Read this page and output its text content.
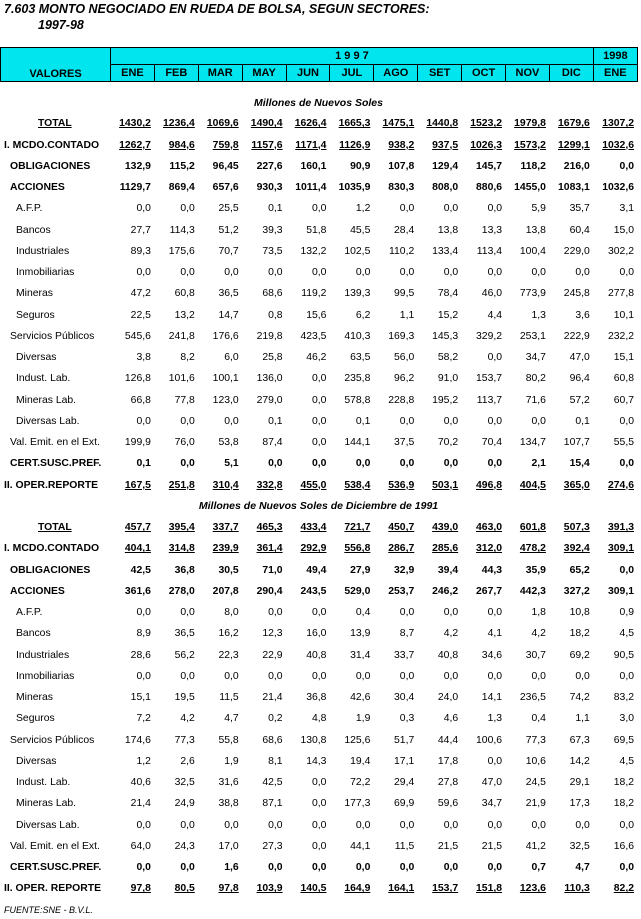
7.603 MONTO NEGOCIADO EN RUEDA DE BOLSA, SEGUN SECTORES:
1997-98
VALORES	1 9 9 7											1998
	ENE	FEB	MAR	MAY	JUN	JUL	AGO	SET	OCT	NOV	DIC	ENE
Millones de Nuevos Soles												
TOTAL	1430,2	1236,4	1069,6	1490,4	1626,4	1665,3	1475,1	1440,8	1523,2	1979,8	1679,6	1307,2
I. MCDO.CONTADO	1262,7	984,6	759,8	1157,6	1171,4	1126,9	938,2	937,5	1026,3	1573,2	1299,1	1032,6
OBLIGACIONES	132,9	115,2	96,45	227,6	160,1	90,9	107,8	129,4	145,7	118,2	216,0	0,0
ACCIONES	1129,7	869,4	657,6	930,3	1011,4	1035,9	830,3	808,0	880,6	1455,0	1083,1	1032,6
A.F.P.	0,0	0,0	25,5	0,1	0,0	1,2	0,0	0,0	0,0	5,9	35,7	3,1
Bancos	27,7	114,3	51,2	39,3	51,8	45,5	28,4	13,8	13,3	13,8	60,4	15,0
Industriales	89,3	175,6	70,7	73,5	132,2	102,5	110,2	133,4	113,4	100,4	229,0	302,2
Inmobiliarias	0,0	0,0	0,0	0,0	0,0	0,0	0,0	0,0	0,0	0,0	0,0	0,0
Mineras	47,2	60,8	36,5	68,6	119,2	139,3	99,5	78,4	46,0	773,9	245,8	277,8
Seguros	22,5	13,2	14,7	0,8	15,6	6,2	1,1	15,2	4,4	1,3	3,6	10,1
Servicios Públicos	545,6	241,8	176,6	219,8	423,5	410,3	169,3	145,3	329,2	253,1	222,9	232,2
Diversas	3,8	8,2	6,0	25,8	46,2	63,5	56,0	58,2	0,0	34,7	47,0	15,1
Indust. Lab.	126,8	101,6	100,1	136,0	0,0	235,8	96,2	91,0	153,7	80,2	96,4	60,8
Mineras Lab.	66,8	77,8	123,0	279,0	0,0	578,8	228,8	195,2	113,7	71,6	57,2	60,7
Diversas Lab.	0,0	0,0	0,0	0,1	0,0	0,1	0,0	0,0	0,0	0,0	0,1	0,0
Val. Emit. en el Ext.	199,9	76,0	53,8	87,4	0,0	144,1	37,5	70,2	70,4	134,7	107,7	55,5
CERT.SUSC.PREF.	0,1	0,0	5,1	0,0	0,0	0,0	0,0	0,0	0,0	2,1	15,4	0,0
II. OPER.REPORTE	167,5	251,8	310,4	332,8	455,0	538,4	536,9	503,1	496,8	404,5	365,0	274,6
Millones de Nuevos Soles de Diciembre de 1991												
TOTAL	457,7	395,4	337,7	465,3	433,4	721,7	450,7	439,0	463,0	601,8	507,3	391,3
I. MCDO.CONTADO	404,1	314,8	239,9	361,4	292,9	556,8	286,7	285,6	312,0	478,2	392,4	309,1
OBLIGACIONES	42,5	36,8	30,5	71,0	49,4	27,9	32,9	39,4	44,3	35,9	65,2	0,0
ACCIONES	361,6	278,0	207,8	290,4	243,5	529,0	253,7	246,2	267,7	442,3	327,2	309,1
A.F.P.	0,0	0,0	8,0	0,0	0,0	0,4	0,0	0,0	0,0	1,8	10,8	0,9
Bancos	8,9	36,5	16,2	12,3	16,0	13,9	8,7	4,2	4,1	4,2	18,2	4,5
Industriales	28,6	56,2	22,3	22,9	40,8	31,4	33,7	40,8	34,6	30,7	69,2	90,5
Inmobiliarias	0,0	0,0	0,0	0,0	0,0	0,0	0,0	0,0	0,0	0,0	0,0	0,0
Mineras	15,1	19,5	11,5	21,4	36,8	42,6	30,4	24,0	14,1	236,5	74,2	83,2
Seguros	7,2	4,2	4,7	0,2	4,8	1,9	0,3	4,6	1,3	0,4	1,1	3,0
Servicios Públicos	174,6	77,3	55,8	68,6	130,8	125,6	51,7	44,4	100,6	77,3	67,3	69,5
Diversas	1,2	2,6	1,9	8,1	14,3	19,4	17,1	17,8	0,0	10,6	14,2	4,5
Indust. Lab.	40,6	32,5	31,6	42,5	0,0	72,2	29,4	27,8	47,0	24,5	29,1	18,2
Mineras Lab.	21,4	24,9	38,8	87,1	0,0	177,3	69,9	59,6	34,7	21,9	17,3	18,2
Diversas Lab.	0,0	0,0	0,0	0,0	0,0	0,0	0,0	0,0	0,0	0,0	0,0	0,0
Val. Emit. en el Ext.	64,0	24,3	17,0	27,3	0,0	44,1	11,5	21,5	21,5	41,2	32,5	16,6
CERT.SUSC.PREF.	0,0	0,0	1,6	0,0	0,0	0,0	0,0	0,0	0,0	0,7	4,7	0,0
II. OPER. REPORTE	97,8	80,5	97,8	103,9	140,5	164,9	164,1	153,7	151,8	123,6	110,3	82,2
FUENTE:SNE - B.V.L.
